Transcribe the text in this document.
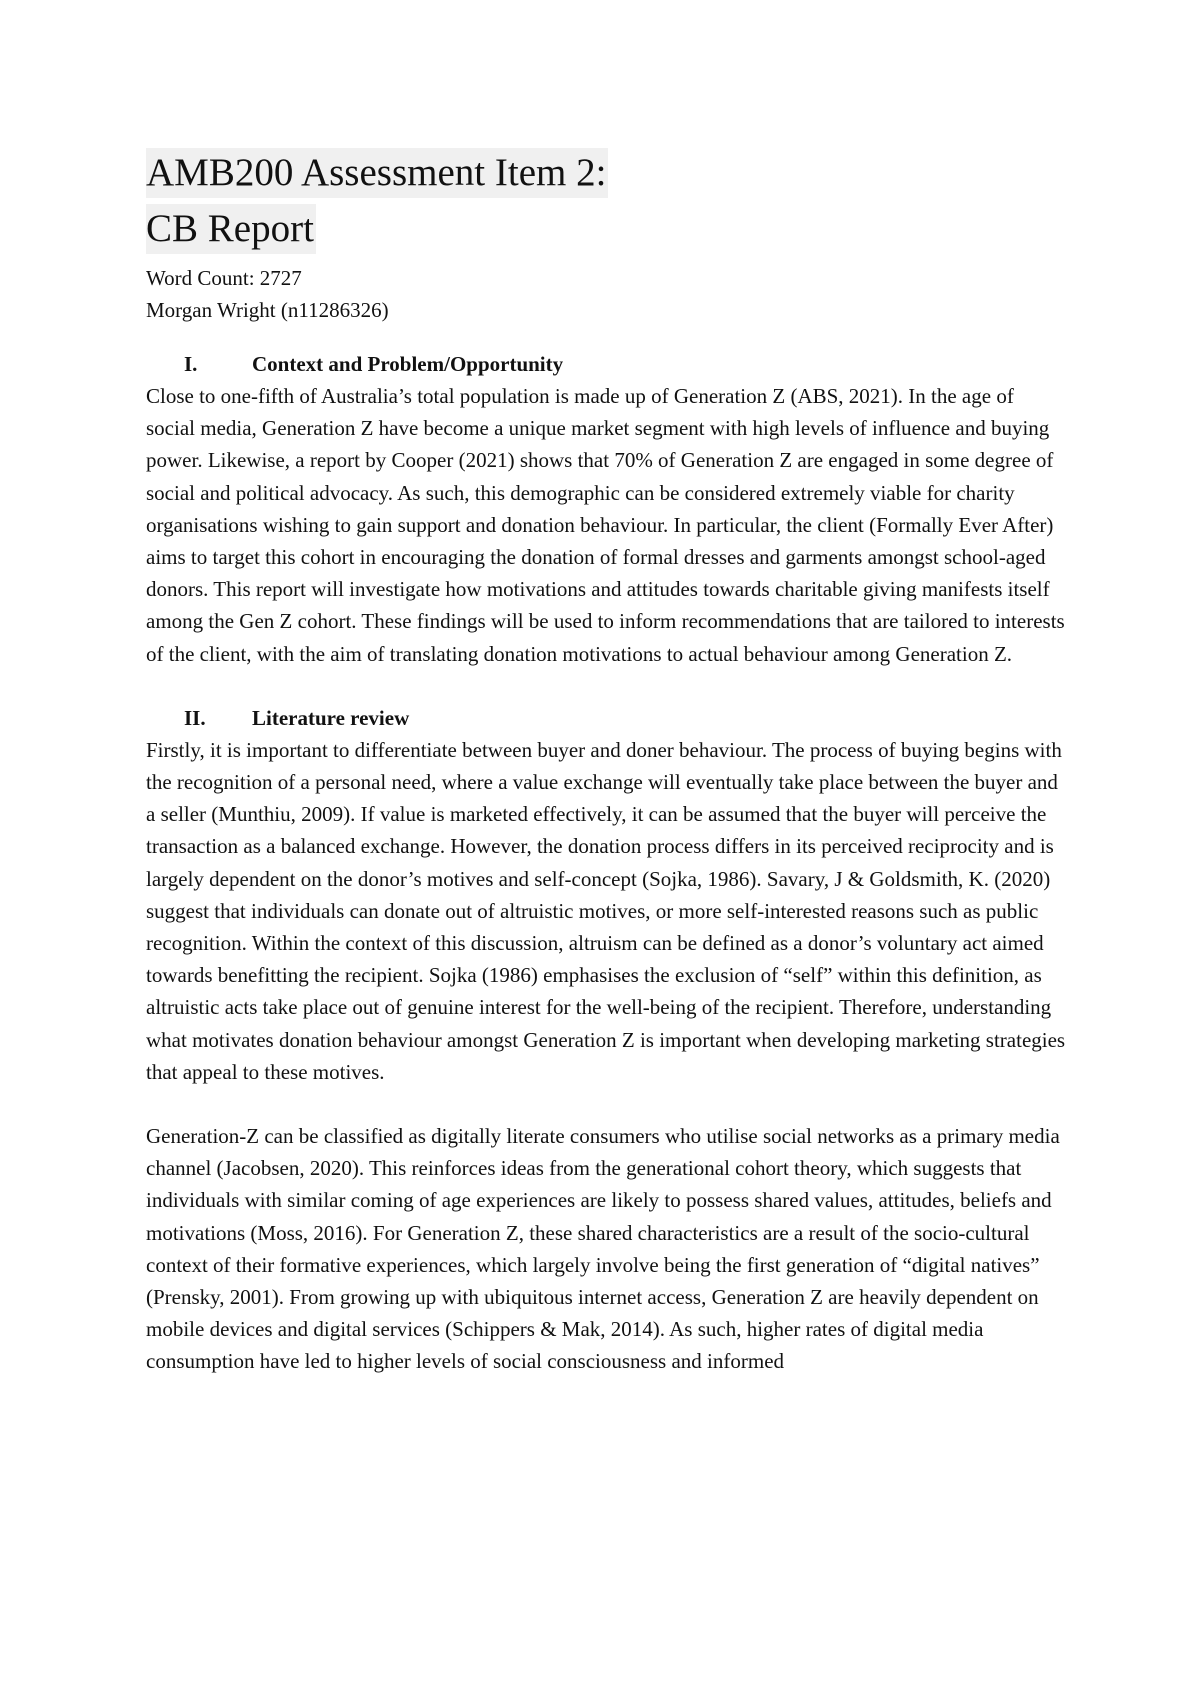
AMB200 Assessment Item 2:
CB Report
Word Count: 2727
Morgan Wright (n11286326)
I.	Context and Problem/Opportunity

Close to one-fifth of Australia’s total population is made up of Generation Z (ABS, 2021). In the age of social media, Generation Z have become a unique market segment with high levels of influence and buying power. Likewise, a report by Cooper (2021) shows that 70% of Generation Z are engaged in some degree of social and political advocacy. As such, this demographic can be considered extremely viable for charity organisations wishing to gain support and donation behaviour. In particular, the client (Formally Ever After) aims to target this cohort in encouraging the donation of formal dresses and garments amongst school-aged donors. This report will investigate how motivations and attitudes towards charitable giving manifests itself among the Gen Z cohort. These findings will be used to inform recommendations that are tailored to interests of the client, with the aim of translating donation motivations to actual behaviour among Generation Z.

II.	Literature review

Firstly, it is important to differentiate between buyer and doner behaviour. The process of buying begins with the recognition of a personal need, where a value exchange will eventually take place between the buyer and a seller (Munthiu, 2009). If value is marketed effectively, it can be assumed that the buyer will perceive the transaction as a balanced exchange. However, the donation process differs in its perceived reciprocity and is largely dependent on the donor’s motives and self-concept (Sojka, 1986). Savary, J & Goldsmith, K. (2020) suggest that individuals can donate out of altruistic motives, or more self-interested reasons such as public recognition. Within the context of this discussion, altruism can be defined as a donor’s voluntary act aimed towards benefitting the recipient. Sojka (1986) emphasises the exclusion of “self” within this definition, as altruistic acts take place out of genuine interest for the well-being of the recipient. Therefore, understanding what motivates donation behaviour amongst Generation Z is important when developing marketing strategies that appeal to these motives.

Generation-Z can be classified as digitally literate consumers who utilise social networks as a primary media channel (Jacobsen, 2020). This reinforces ideas from the generational cohort theory, which suggests that individuals with similar coming of age experiences are likely to possess shared values, attitudes, beliefs and motivations (Moss, 2016). For Generation Z, these shared characteristics are a result of the socio-cultural context of their formative experiences, which largely involve being the first generation of “digital natives” (Prensky, 2001). From growing up with ubiquitous internet access, Generation Z are heavily dependent on mobile devices and digital services (Schippers & Mak, 2014). As such, higher rates of digital media consumption have led to higher levels of social consciousness and informed
